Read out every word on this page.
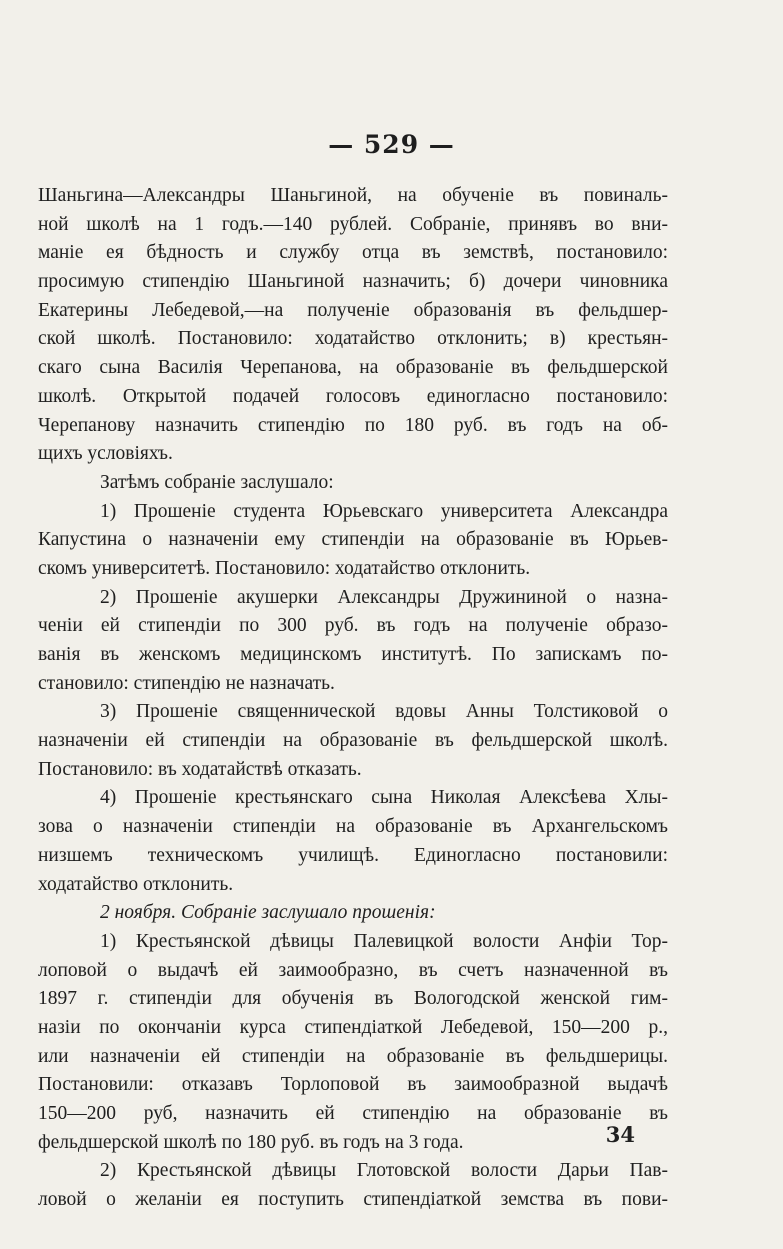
— 529 —
Шаньгина—Александры Шаньгиной, на обученіе въ повиналь-
ной школѣ на 1 годъ.—140 рублей. Собраніе, принявъ во вни-
маніе ея бѣдность и службу отца въ земствѣ, постановило:
просимую стипендію Шаньгиной назначить; б) дочери чиновника
Екатерины Лебедевой,—на полученіе образованія въ фельдшер-
ской школѣ. Постановило: ходатайство отклонить; в) крестьян-
скаго сына Василія Черепанова, на образованіе въ фельдшерской
школѣ. Открытой подачей голосовъ единогласно постановило:
Черепанову назначить стипендію по 180 руб. въ годъ на об-
щихъ условіяхъ.
Затѣмъ собраніе заслушало:
1) Прошеніе студента Юрьевскаго университета Александра
Капустина о назначеніи ему стипендіи на образованіе въ Юрьев-
скомъ университетѣ. Постановило: ходатайство отклонить.
2) Прошеніе акушерки Александры Дружининой о назна-
ченіи ей стипендіи по 300 руб. въ годъ на полученіе образо-
ванія въ женскомъ медицинскомъ институтѣ. По запискамъ по-
становило: стипендію не назначать.
3) Прошеніе священнической вдовы Анны Толстиковой о
назначеніи ей стипендіи на образованіе въ фельдшерской школѣ.
Постановило: въ ходатайствѣ отказать.
4) Прошеніе крестьянскаго сына Николая Алексѣева Хлы-
зова о назначеніи стипендіи на образованіе въ Архангельскомъ
низшемъ техническомъ училищѣ. Единогласно постановили:
ходатайство отклонить.
2 ноября. Собраніе заслушало прошенія:
1) Крестьянской дѣвицы Палевицкой волости Анфіи Тор-
лоповой о выдачѣ ей заимообразно, въ счетъ назначенной въ
1897 г. стипендіи для обученія въ Вологодской женской гим-
назіи по окончаніи курса стипендіаткой Лебедевой, 150—200 р.,
или назначеніи ей стипендіи на образованіе въ фельдшерицы.
Постановили: отказавъ Торлоповой въ заимообразной выдачѣ
150—200 руб, назначить ей стипендію на образованіе въ
фельдшерской школѣ по 180 руб. въ годъ на 3 года.
2) Крестьянской дѣвицы Глотовской волости Дарьи Пав-
ловой о желаніи ея поступить стипендіаткой земства въ пови-
34
